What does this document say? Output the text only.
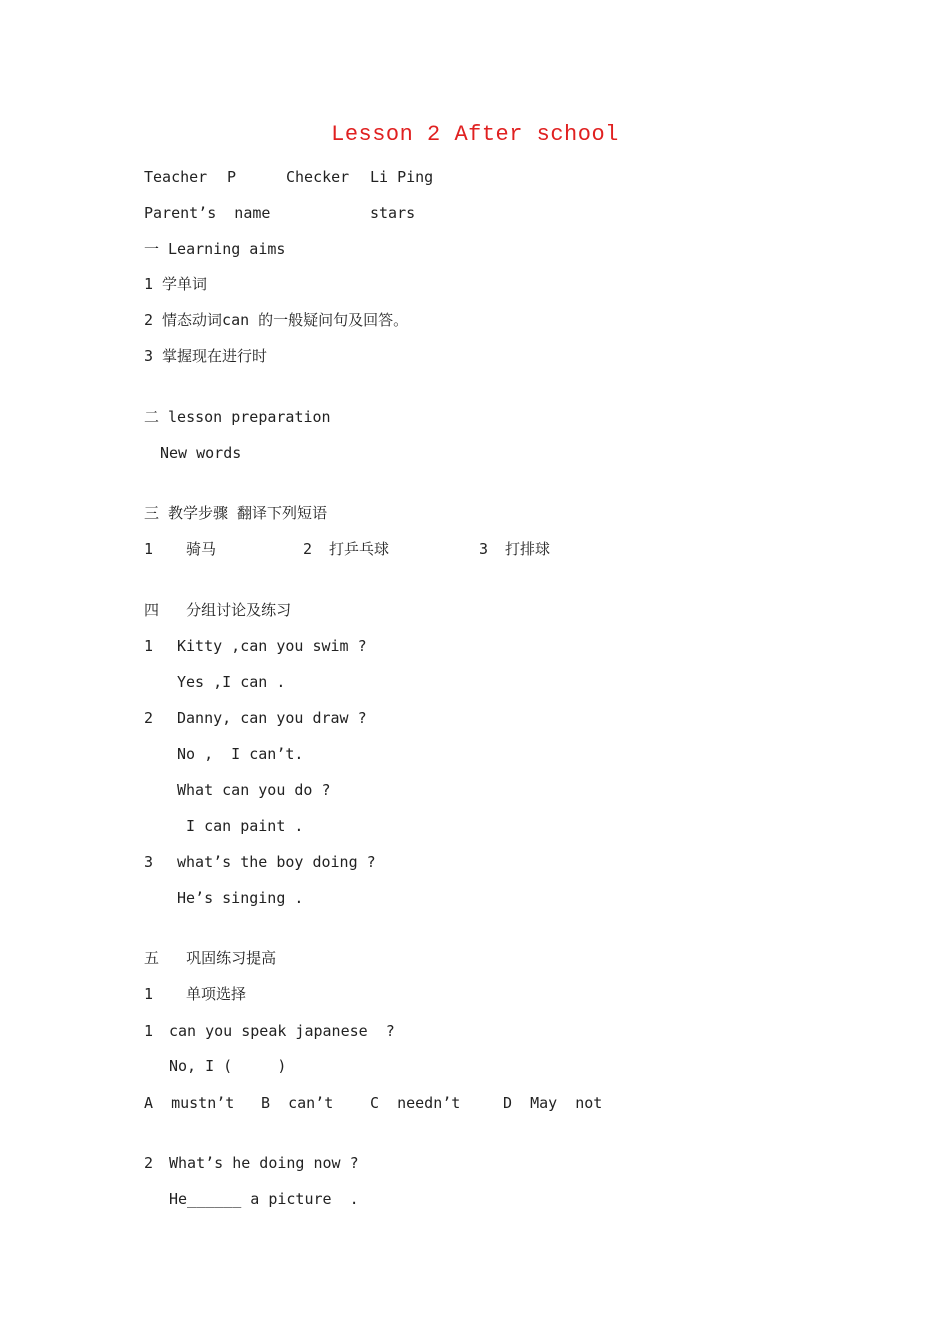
Lesson 2 After school
Teacher P	Checker Li Ping
Parent’s  name	stars
一 Learning aims
1 学单词
2 情态动词can 的一般疑问句及回答。
3 掌握现在进行时
二 lesson preparation
New words
三 教学步骤 翻译下列短语
1 骑马	2 打乒乓球	3 打排球
四   分组讨论及练习
1 Kitty ,can you swim ?
Yes ,I can .
2 Danny, can you draw ?
No ,  I can’t.
What can you do ?
I can paint .
3 what’s the boy doing ?
He’s singing .
五   巩固练习提高
1 单项选择
1 can you speak japanese  ?
No, I (     )
A  mustn’t B  can’t C  needn’t	D  May  not
2 What’s he doing now ?
He______ a picture  .
